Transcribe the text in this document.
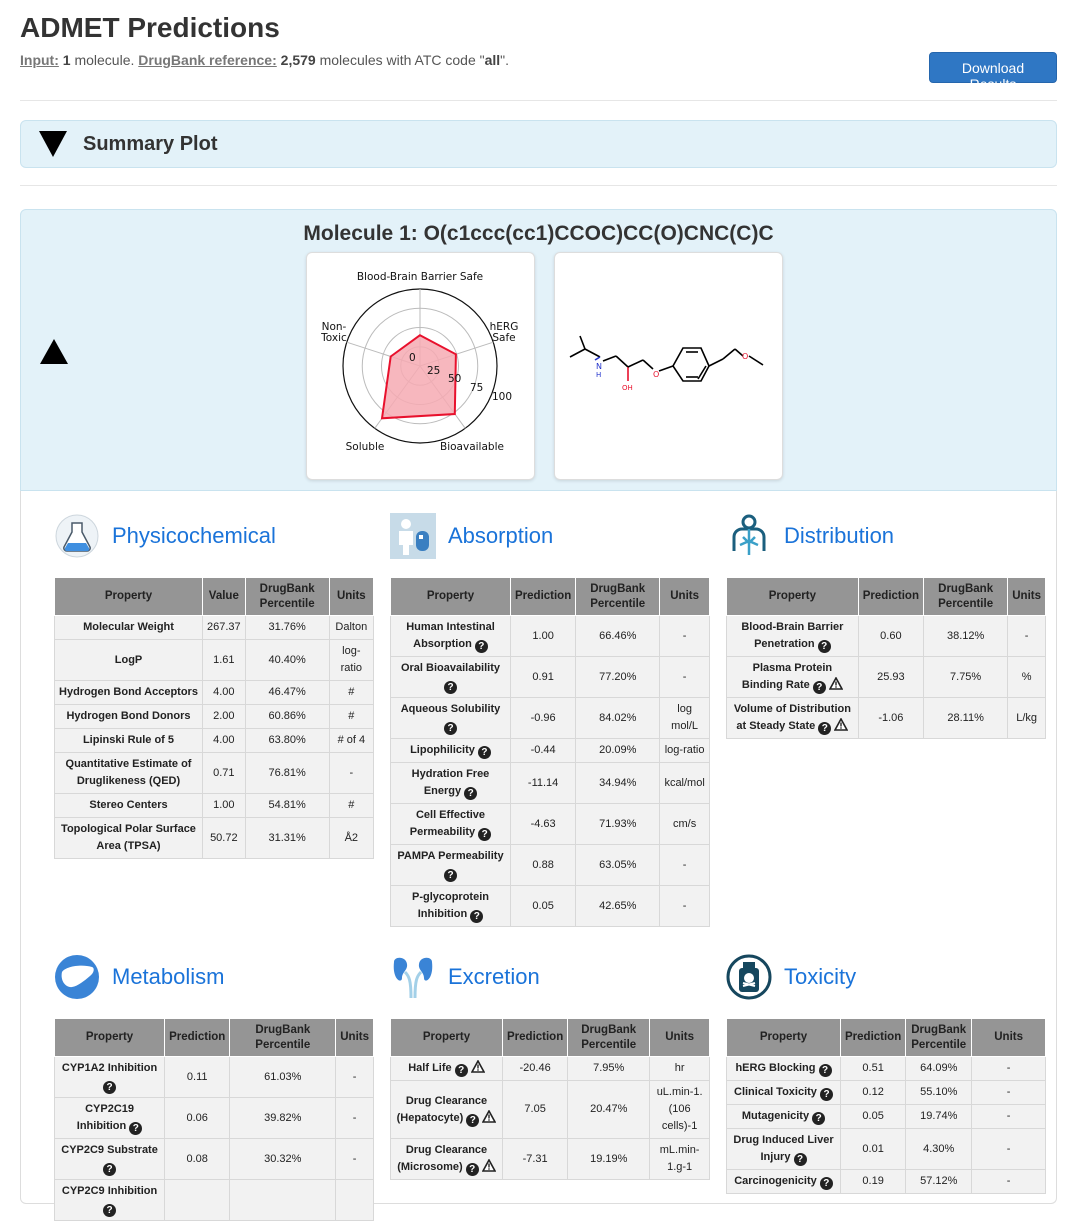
ADMET Predictions
Input: 1 molecule. DrugBank reference: 2,579 molecules with ATC code "all".	Download Results
Summary Plot
Molecule 1: O(c1ccc(cc1)CCOC)CC(O)CNC(C)C
Blood-Brain Barrier Safe
hERG Safe
Bioavailable
Soluble
Non-Toxic
0
25
50
75
100
N
H
OH
O
O
Physicochemical
Property	Value	DrugBank Percentile	Units
Molecular Weight	267.37	31.76%	Dalton
LogP	1.61	40.40%	log-ratio
Hydrogen Bond Acceptors	4.00	46.47%	#
Hydrogen Bond Donors	2.00	60.86%	#
Lipinski Rule of 5	4.00	63.80%	# of 4
Quantitative Estimate of Druglikeness (QED)	0.71	76.81%	-
Stereo Centers	1.00	54.81%	#
Topological Polar Surface Area (TPSA)	50.72	31.31%	Å2
Absorption
Property	Prediction	DrugBank Percentile	Units
Human Intestinal Absorption ?	1.00	66.46%	-
Oral Bioavailability ?	0.91	77.20%	-
Aqueous Solubility ?	-0.96	84.02%	log mol/L
Lipophilicity ?	-0.44	20.09%	log-ratio
Hydration Free Energy ?	-11.14	34.94%	kcal/mol
Cell Effective Permeability ?	-4.63	71.93%	cm/s
PAMPA Permeability ?	0.88	63.05%	-
P-glycoprotein Inhibition ?	0.05	42.65%	-
Distribution
Property	Prediction	DrugBank Percentile	Units
Blood-Brain Barrier Penetration ?	0.60	38.12%	-
Plasma Protein Binding Rate ?	25.93	7.75%	%
Volume of Distribution at Steady State ?	-1.06	28.11%	L/kg
Metabolism
Property	Prediction	DrugBank Percentile	Units
CYP1A2 Inhibition ?	0.11	61.03%	-
CYP2C19 Inhibition ?	0.06	39.82%	-
CYP2C9 Substrate ?	0.08	30.32%	-
CYP2C9 Inhibition ?			
Excretion
Property	Prediction	DrugBank Percentile	Units
Half Life ?	-20.46	7.95%	hr
Drug Clearance (Hepatocyte) ?	7.05	20.47%	uL.min-1.(106 cells)-1
Drug Clearance (Microsome) ?	-7.31	19.19%	mL.min-1.g-1
Toxicity
Property	Prediction	DrugBank Percentile	Units
hERG Blocking ?	0.51	64.09%	-
Clinical Toxicity ?	0.12	55.10%	-
Mutagenicity ?	0.05	19.74%	-
Drug Induced Liver Injury ?	0.01	4.30%	-
Carcinogenicity ?	0.19	57.12%	-
